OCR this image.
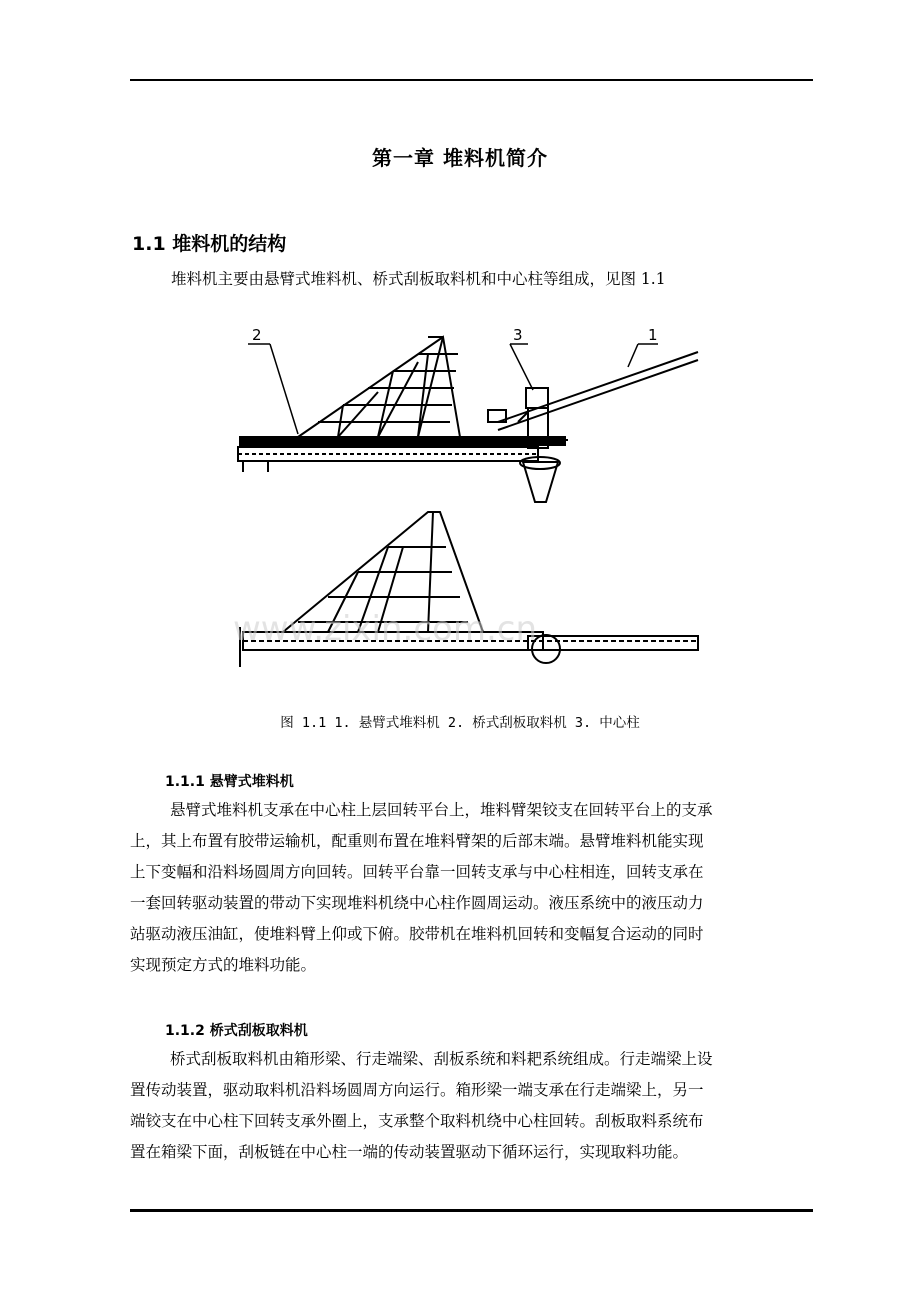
第一章 堆料机简介
1.1 堆料机的结构
堆料机主要由悬臂式堆料机、桥式刮板取料机和中心柱等组成，见图 1.1
2	3	1
www.zixin.com.cn
图 1.1 1. 悬臂式堆料机 2. 桥式刮板取料机 3. 中心柱
1.1.1 悬臂式堆料机
悬臂式堆料机支承在中心柱上层回转平台上，堆料臂架铰支在回转平台上的支承
上，其上布置有胶带运输机，配重则布置在堆料臂架的后部末端。悬臂堆料机能实现
上下变幅和沿料场圆周方向回转。回转平台靠一回转支承与中心柱相连，回转支承在
一套回转驱动装置的带动下实现堆料机绕中心柱作圆周运动。液压系统中的液压动力
站驱动液压油缸，使堆料臂上仰或下俯。胶带机在堆料机回转和变幅复合运动的同时
实现预定方式的堆料功能。
1.1.2 桥式刮板取料机
桥式刮板取料机由箱形梁、行走端梁、刮板系统和料耙系统组成。行走端梁上设
置传动装置，驱动取料机沿料场圆周方向运行。箱形梁一端支承在行走端梁上，另一
端铰支在中心柱下回转支承外圈上，支承整个取料机绕中心柱回转。刮板取料系统布
置在箱梁下面，刮板链在中心柱一端的传动装置驱动下循环运行，实现取料功能。
